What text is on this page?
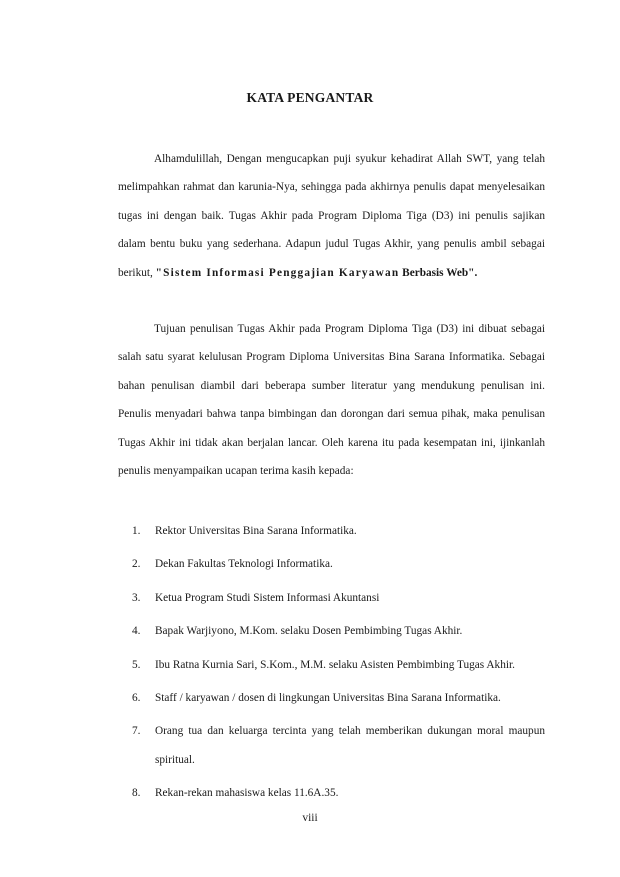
KATA PENGANTAR
Alhamdulillah, Dengan mengucapkan puji syukur kehadirat Allah SWT, yang telah melimpahkan rahmat dan karunia-Nya, sehingga pada akhirnya penulis dapat menyelesaikan tugas ini dengan baik. Tugas Akhir pada Program Diploma Tiga (D3) ini penulis sajikan dalam bentu buku yang sederhana. Adapun judul Tugas Akhir, yang penulis ambil sebagai berikut, "Sistem Informasi Penggajian Karyawan Berbasis Web".
Tujuan penulisan Tugas Akhir pada Program Diploma Tiga (D3) ini dibuat sebagai salah satu syarat kelulusan Program Diploma Universitas Bina Sarana Informatika. Sebagai bahan penulisan diambil dari beberapa sumber literatur yang mendukung penulisan ini. Penulis menyadari bahwa tanpa bimbingan dan dorongan dari semua pihak, maka penulisan Tugas Akhir ini tidak akan berjalan lancar. Oleh karena itu pada kesempatan ini, ijinkanlah penulis menyampaikan ucapan terima kasih kepada:
1. Rektor Universitas Bina Sarana Informatika.
2. Dekan Fakultas Teknologi Informatika.
3. Ketua Program Studi Sistem Informasi Akuntansi
4. Bapak Warjiyono, M.Kom. selaku Dosen Pembimbing Tugas Akhir.
5. Ibu Ratna Kurnia Sari, S.Kom., M.M. selaku Asisten Pembimbing Tugas Akhir.
6. Staff / karyawan / dosen di lingkungan Universitas Bina Sarana Informatika.
7. Orang tua dan keluarga tercinta yang telah memberikan dukungan moral maupun spiritual.
8. Rekan-rekan mahasiswa kelas 11.6A.35.
viii
